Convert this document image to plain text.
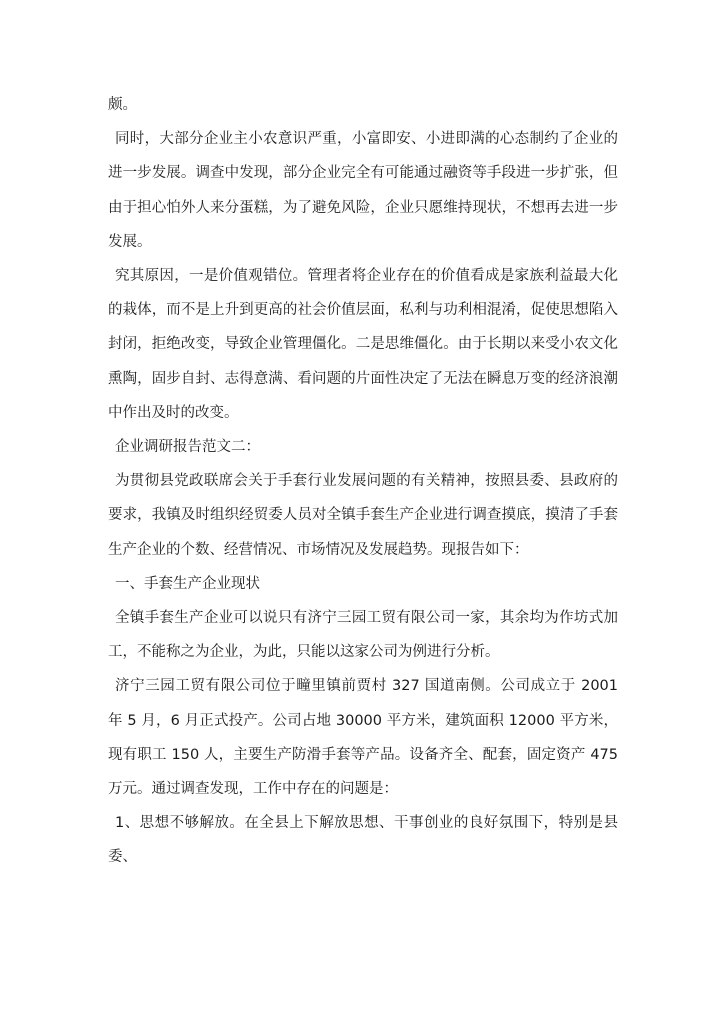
颇。

同时，大部分企业主小农意识严重，小富即安、小进即满的心态制约了企业的进一步发展。调查中发现，部分企业完全有可能通过融资等手段进一步扩张，但由于担心怕外人来分蛋糕，为了避免风险，企业只愿维持现状，不想再去进一步发展。

究其原因，一是价值观错位。管理者将企业存在的价值看成是家族利益最大化的栽体，而不是上升到更高的社会价值层面，私利与功利相混淆，促使思想陷入封闭，拒绝改变，导致企业管理僵化。二是思维僵化。由于长期以来受小农文化熏陶，固步自封、志得意满、看问题的片面性决定了无法在瞬息万变的经济浪潮中作出及时的改变。

企业调研报告范文二：

为贯彻县党政联席会关于手套行业发展问题的有关精神，按照县委、县政府的要求，我镇及时组织经贸委人员对全镇手套生产企业进行调查摸底，摸清了手套生产企业的个数、经营情况、市场情况及发展趋势。现报告如下：

一、手套生产企业现状

全镇手套生产企业可以说只有济宁三园工贸有限公司一家，其余均为作坊式加工，不能称之为企业，为此，只能以这家公司为例进行分析。

济宁三园工贸有限公司位于疃里镇前贾村 327 国道南侧。公司成立于 2001 年 5 月，6 月正式投产。公司占地 30000 平方米，建筑面积 12000 平方米，现有职工 150 人，主要生产防滑手套等产品。设备齐全、配套，固定资产 475 万元。通过调查发现，工作中存在的问题是：

1、思想不够解放。在全县上下解放思想、干事创业的良好氛围下，特别是县委、
